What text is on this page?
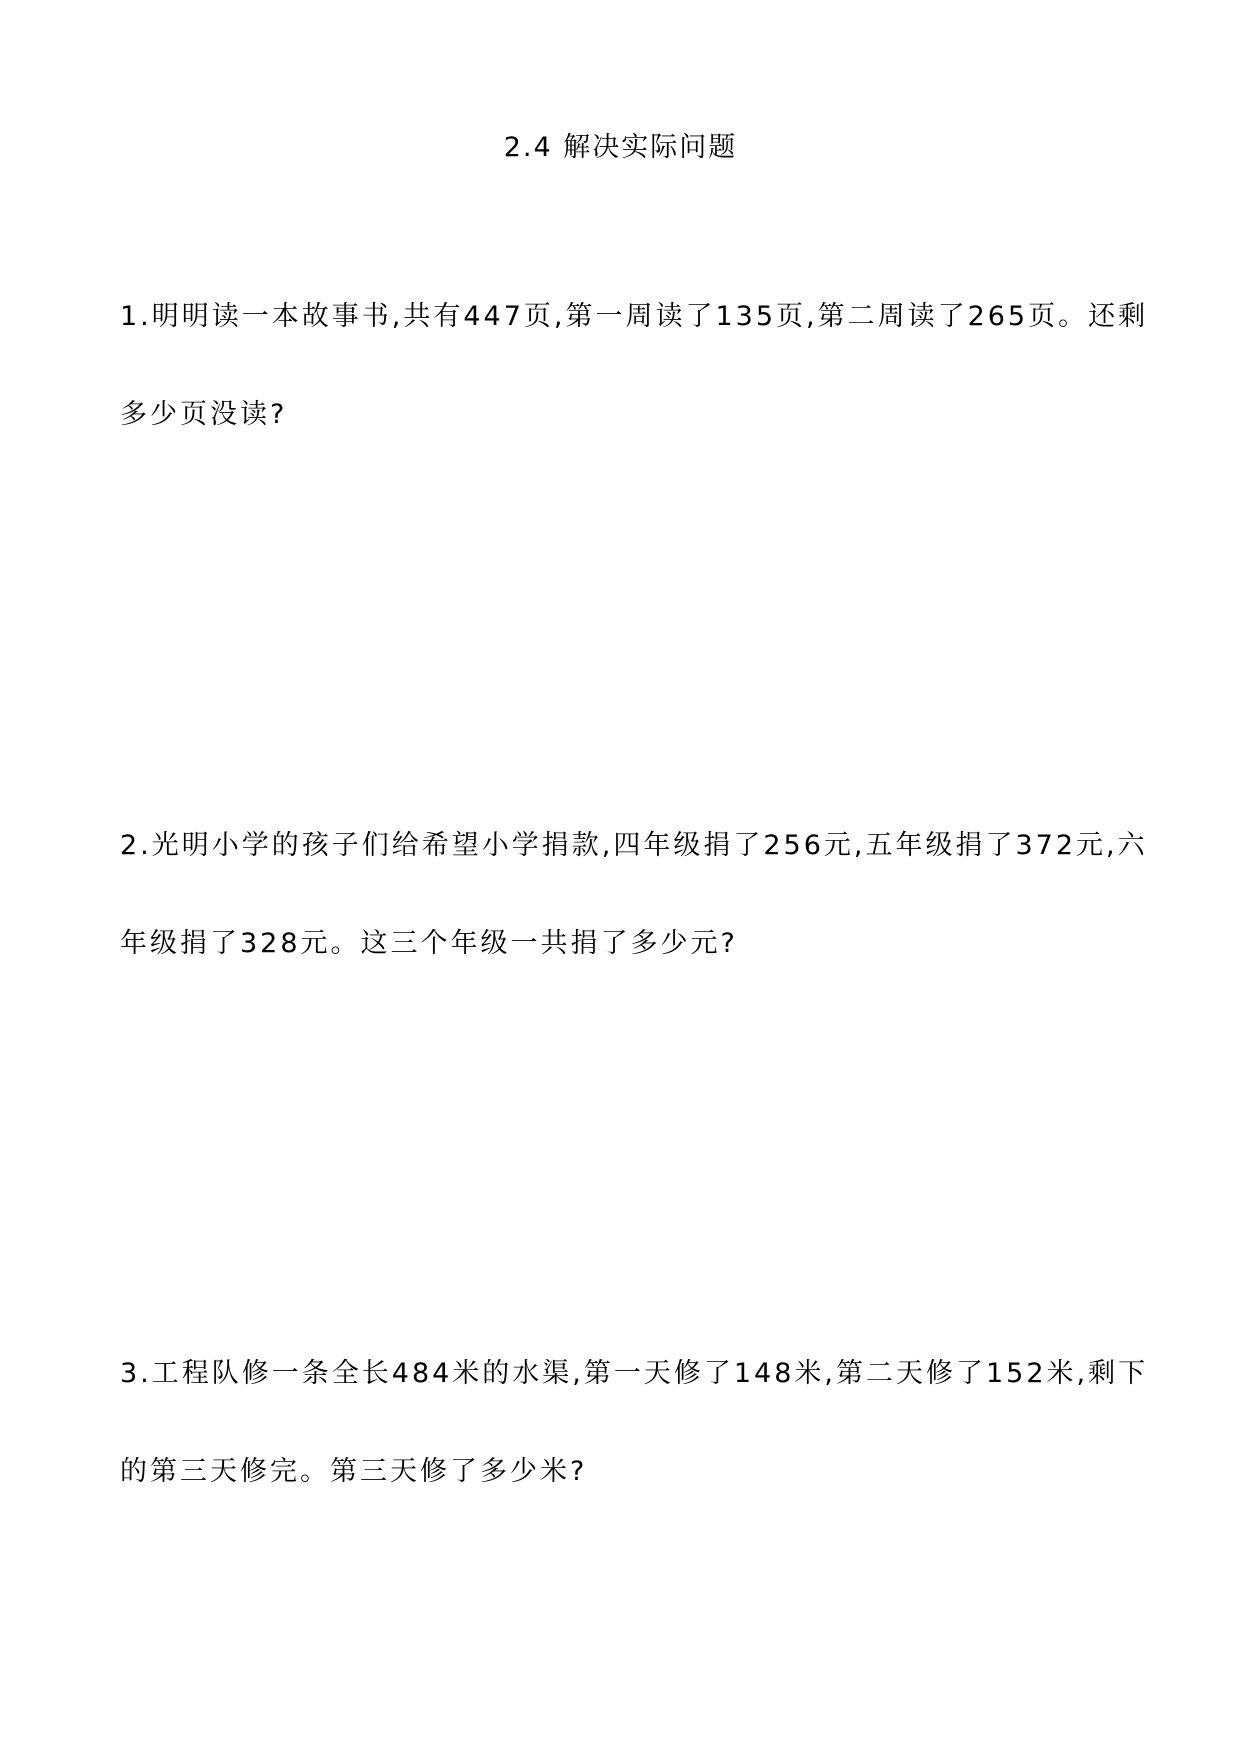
2.4 解决实际问题
1.明明读一本故事书,共有447页,第一周读了135页,第二周读了265页。还剩
多少页没读?
2.光明小学的孩子们给希望小学捐款,四年级捐了256元,五年级捐了372元,六
年级捐了328元。这三个年级一共捐了多少元?
3.工程队修一条全长484米的水渠,第一天修了148米,第二天修了152米,剩下
的第三天修完。第三天修了多少米?
